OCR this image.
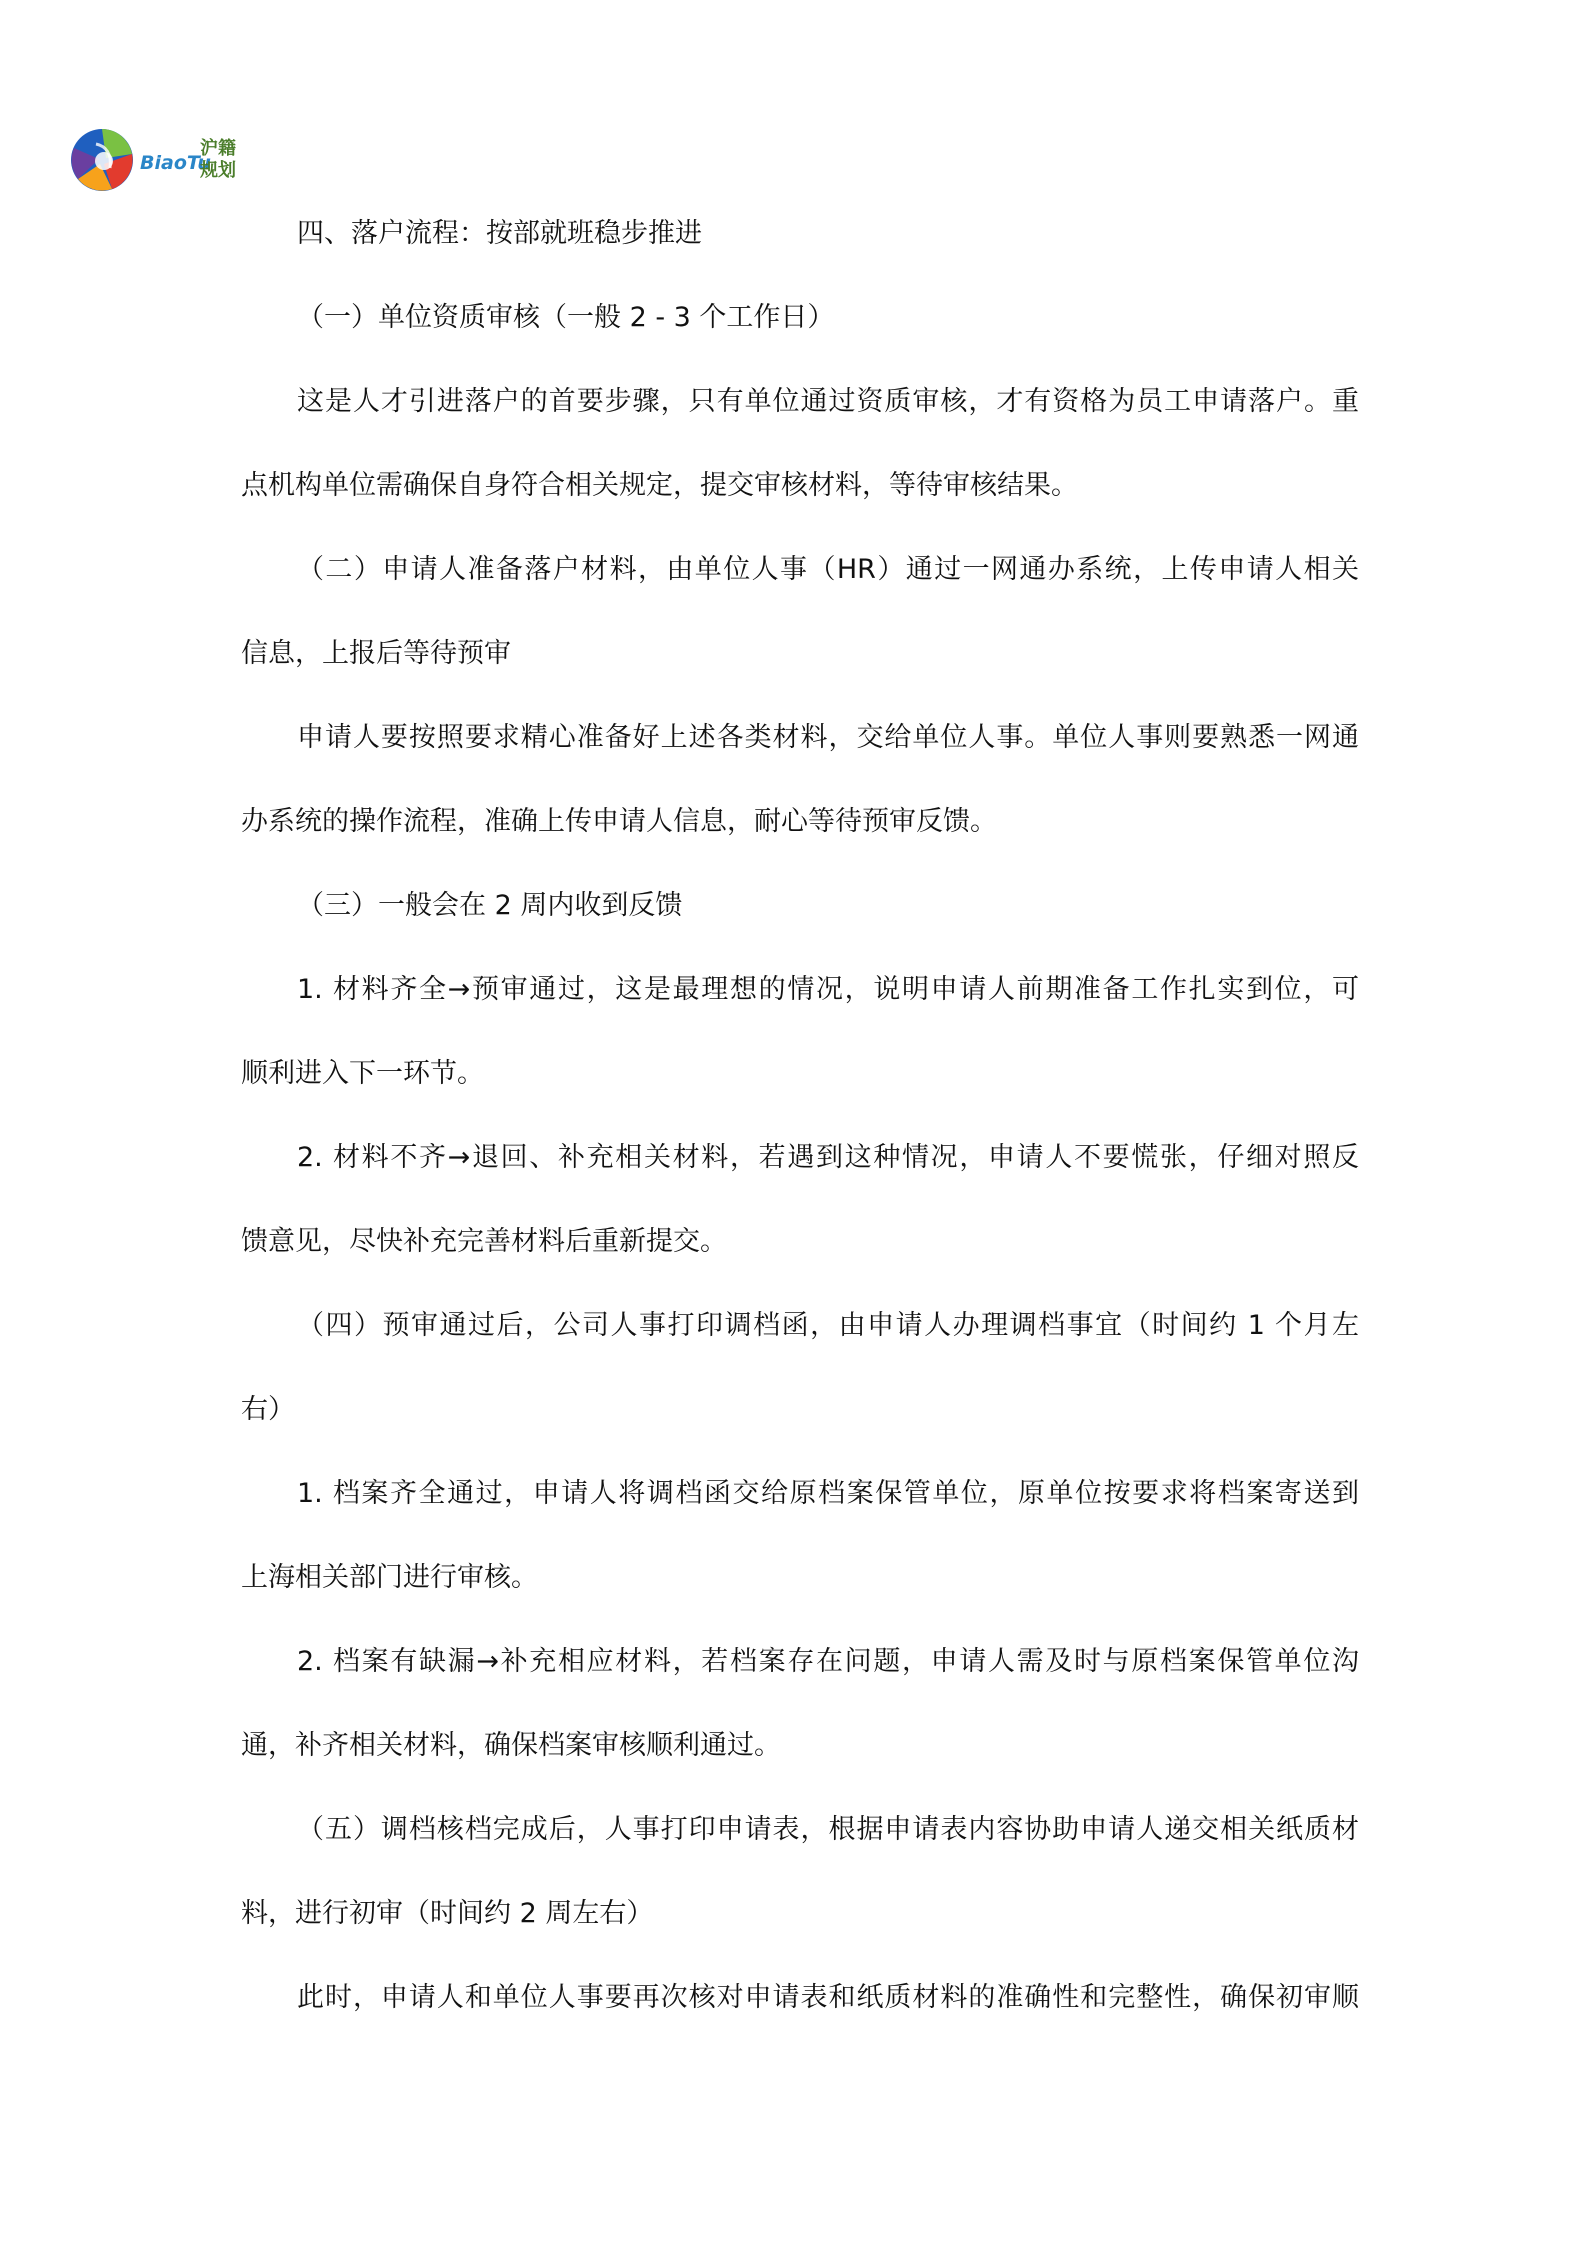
BiaoTu
沪籍
规划
四、落户流程：按部就班稳步推进
（一）单位资质审核（一般 2 - 3 个工作日）
这是人才引进落户的首要步骤，只有单位通过资质审核，才有资格为员工申请落户。重
点机构单位需确保自身符合相关规定，提交审核材料，等待审核结果。
（二）申请人准备落户材料，由单位人事（HR）通过一网通办系统，上传申请人相关
信息，上报后等待预审
申请人要按照要求精心准备好上述各类材料，交给单位人事。单位人事则要熟悉一网通
办系统的操作流程，准确上传申请人信息，耐心等待预审反馈。
（三）一般会在 2 周内收到反馈
1. 材料齐全→预审通过，这是最理想的情况，说明申请人前期准备工作扎实到位，可
顺利进入下一环节。
2. 材料不齐→退回、补充相关材料，若遇到这种情况，申请人不要慌张，仔细对照反
馈意见，尽快补充完善材料后重新提交。
（四）预审通过后，公司人事打印调档函，由申请人办理调档事宜（时间约 1 个月左
右）
1. 档案齐全通过，申请人将调档函交给原档案保管单位，原单位按要求将档案寄送到
上海相关部门进行审核。
2. 档案有缺漏→补充相应材料，若档案存在问题，申请人需及时与原档案保管单位沟
通，补齐相关材料，确保档案审核顺利通过。
（五）调档核档完成后，人事打印申请表，根据申请表内容协助申请人递交相关纸质材
料，进行初审（时间约 2 周左右）
此时，申请人和单位人事要再次核对申请表和纸质材料的准确性和完整性，确保初审顺
